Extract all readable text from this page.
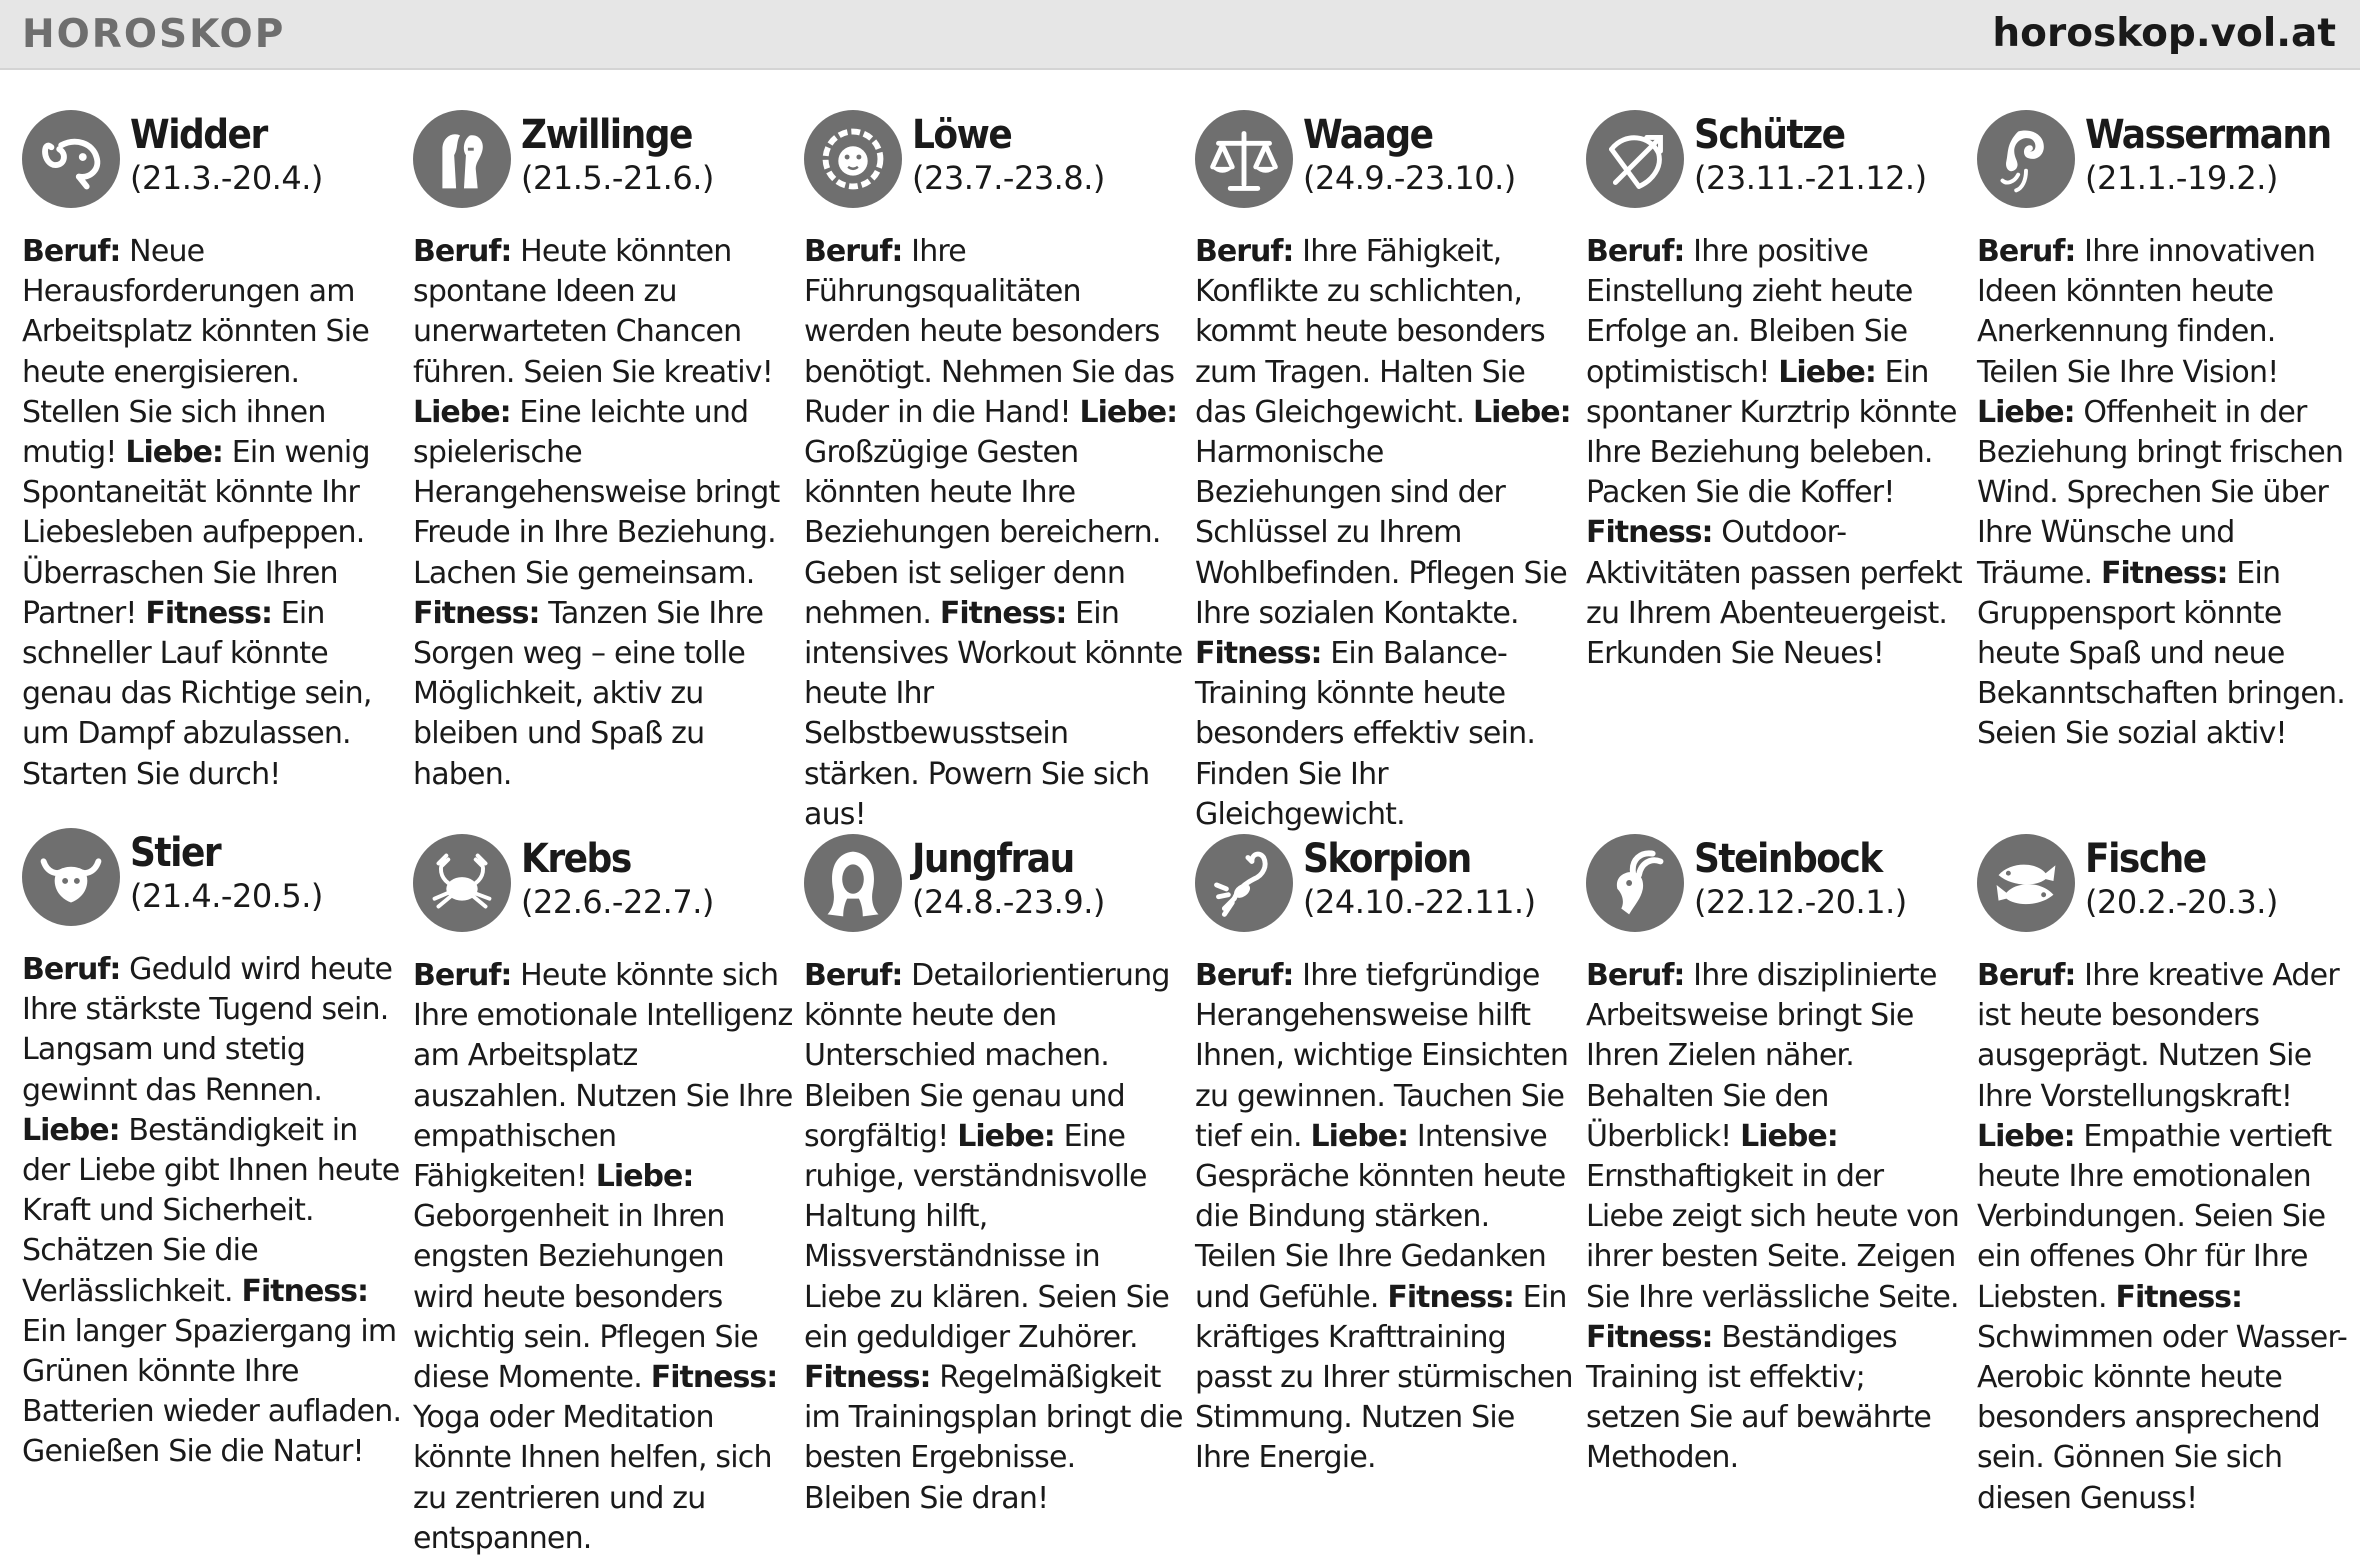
HOROSKOP	horoskop.vol.at
Widder
(21.3.-20.4.)
Beruf: Neue Herausforderungen am Arbeitsplatz könnten Sie heute energisieren. Stellen Sie sich ihnen mutig! Liebe: Ein wenig Spontaneität könnte Ihr Liebesleben aufpeppen. Überraschen Sie Ihren Partner! Fitness: Ein schneller Lauf könnte genau das Richtige sein, um Dampf abzulassen. Starten Sie durch!
Zwillinge
(21.5.-21.6.)
Beruf: Heute könnten spontane Ideen zu unerwarteten Chancen führen. Seien Sie kreativ! Liebe: Eine leichte und spielerische Herangehensweise bringt Freude in Ihre Beziehung. Lachen Sie gemeinsam. Fitness: Tanzen Sie Ihre Sorgen weg – eine tolle Möglichkeit, aktiv zu bleiben und Spaß zu haben.
Löwe
(23.7.-23.8.)
Beruf: Ihre Führungsqualitäten werden heute besonders benötigt. Nehmen Sie das Ruder in die Hand! Liebe: Großzügige Gesten könnten heute Ihre Beziehungen bereichern. Geben ist seliger denn nehmen. Fitness: Ein intensives Workout könnte heute Ihr Selbstbewusstsein stärken. Powern Sie sich aus!
Waage
(24.9.-23.10.)
Beruf: Ihre Fähigkeit, Konflikte zu schlichten, kommt heute besonders zum Tragen. Halten Sie das Gleichgewicht. Liebe: Harmonische Beziehungen sind der Schlüssel zu Ihrem Wohlbefinden. Pflegen Sie Ihre sozialen Kontakte. Fitness: Ein Balance-Training könnte heute besonders effektiv sein. Finden Sie Ihr Gleichgewicht.
Schütze
(23.11.-21.12.)
Beruf: Ihre positive Einstellung zieht heute Erfolge an. Bleiben Sie optimistisch! Liebe: Ein spontaner Kurztrip könnte Ihre Beziehung beleben. Packen Sie die Koffer! Fitness: Outdoor-Aktivitäten passen perfekt zu Ihrem Abenteuergeist. Erkunden Sie Neues!
Wassermann
(21.1.-19.2.)
Beruf: Ihre innovativen Ideen könnten heute Anerkennung finden. Teilen Sie Ihre Vision! Liebe: Offenheit in der Beziehung bringt frischen Wind. Sprechen Sie über Ihre Wünsche und Träume. Fitness: Ein Gruppensport könnte heute Spaß und neue Bekanntschaften bringen. Seien Sie sozial aktiv!
Stier
(21.4.-20.5.)
Beruf: Geduld wird heute Ihre stärkste Tugend sein. Langsam und stetig gewinnt das Rennen. Liebe: Beständigkeit in der Liebe gibt Ihnen heute Kraft und Sicherheit. Schätzen Sie die Verlässlichkeit. Fitness: Ein langer Spaziergang im Grünen könnte Ihre Batterien wieder aufladen. Genießen Sie die Natur!
Krebs
(22.6.-22.7.)
Beruf: Heute könnte sich Ihre emotionale Intelligenz am Arbeitsplatz auszahlen. Nutzen Sie Ihre empathischen Fähigkeiten! Liebe: Geborgenheit in Ihren engsten Beziehungen wird heute besonders wichtig sein. Pflegen Sie diese Momente. Fitness: Yoga oder Meditation könnte Ihnen helfen, sich zu zentrieren und zu entspannen.
Jungfrau
(24.8.-23.9.)
Beruf: Detailorientierung könnte heute den Unterschied machen. Bleiben Sie genau und sorgfältig! Liebe: Eine ruhige, verständnisvolle Haltung hilft, Missverständnisse in Liebe zu klären. Seien Sie ein geduldiger Zuhörer. Fitness: Regelmäßigkeit im Trainingsplan bringt die besten Ergebnisse. Bleiben Sie dran!
Skorpion
(24.10.-22.11.)
Beruf: Ihre tiefgründige Herangehensweise hilft Ihnen, wichtige Einsichten zu gewinnen. Tauchen Sie tief ein. Liebe: Intensive Gespräche könnten heute die Bindung stärken. Teilen Sie Ihre Gedanken und Gefühle. Fitness: Ein kräftiges Krafttraining passt zu Ihrer stürmischen Stimmung. Nutzen Sie Ihre Energie.
Steinbock
(22.12.-20.1.)
Beruf: Ihre disziplinierte Arbeitsweise bringt Sie Ihren Zielen näher. Behalten Sie den Überblick! Liebe: Ernsthaftigkeit in der Liebe zeigt sich heute von ihrer besten Seite. Zeigen Sie Ihre verlässliche Seite. Fitness: Beständiges Training ist effektiv; setzen Sie auf bewährte Methoden.
Fische
(20.2.-20.3.)
Beruf: Ihre kreative Ader ist heute besonders ausgeprägt. Nutzen Sie Ihre Vorstellungskraft! Liebe: Empathie vertieft heute Ihre emotionalen Verbindungen. Seien Sie ein offenes Ohr für Ihre Liebsten. Fitness: Schwimmen oder Wasser-Aerobic könnte heute besonders ansprechend sein. Gönnen Sie sich diesen Genuss!
